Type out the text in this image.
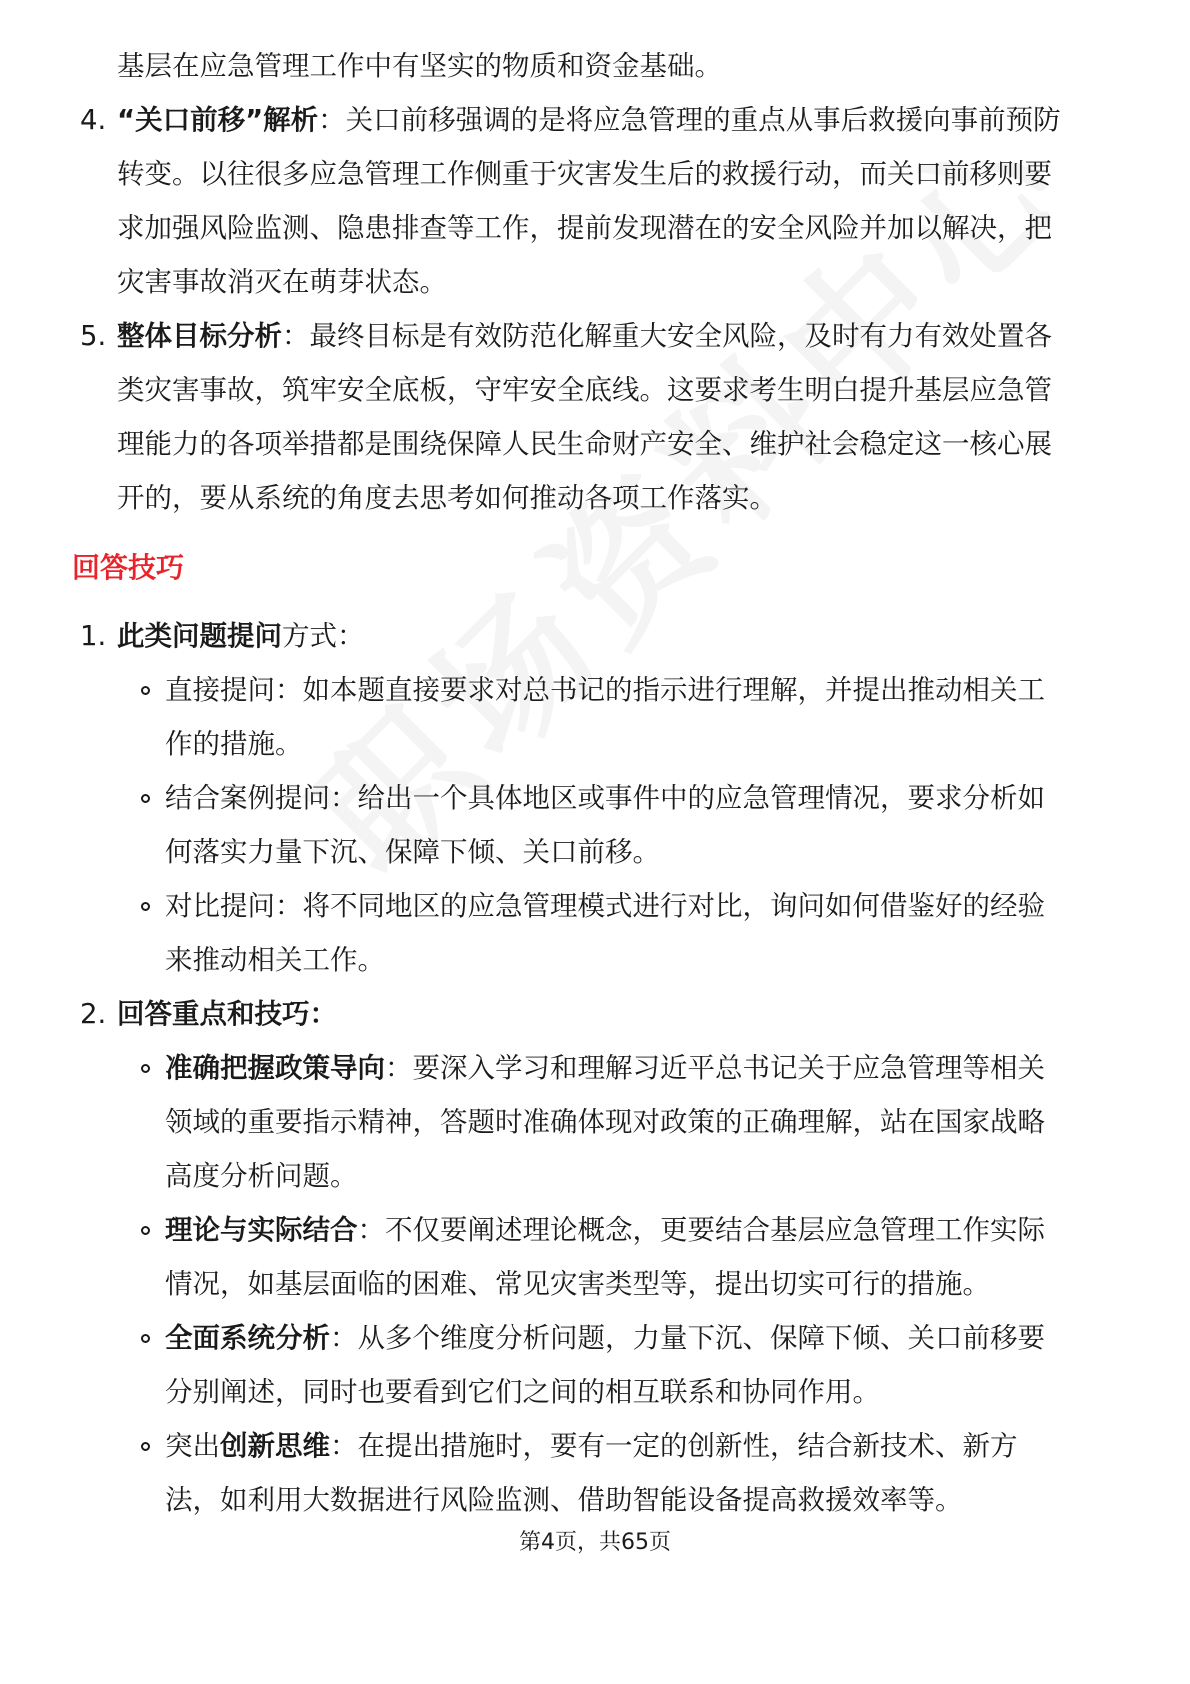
基层在应急管理工作中有坚实的物质和资金基础。
4. “关口前移”解析：关口前移强调的是将应急管理的重点从事后救援向事前预防
转变。以往很多应急管理工作侧重于灾害发生后的救援行动，而关口前移则要
求加强风险监测、隐患排查等工作，提前发现潜在的安全风险并加以解决，把
灾害事故消灭在萌芽状态。
5. 整体目标分析：最终目标是有效防范化解重大安全风险，及时有力有效处置各
类灾害事故，筑牢安全底板，守牢安全底线。这要求考生明白提升基层应急管
理能力的各项举措都是围绕保障人民生命财产安全、维护社会稳定这一核心展
开的，要从系统的角度去思考如何推动各项工作落实。
回答技巧
1. 此类问题提问方式：
直接提问：如本题直接要求对总书记的指示进行理解，并提出推动相关工
作的措施。
结合案例提问：给出一个具体地区或事件中的应急管理情况，要求分析如
何落实力量下沉、保障下倾、关口前移。
对比提问：将不同地区的应急管理模式进行对比，询问如何借鉴好的经验
来推动相关工作。
2. 回答重点和技巧：
准确把握政策导向：要深入学习和理解习近平总书记关于应急管理等相关
领域的重要指示精神，答题时准确体现对政策的正确理解，站在国家战略
高度分析问题。
理论与实际结合：不仅要阐述理论概念，更要结合基层应急管理工作实际
情况，如基层面临的困难、常见灾害类型等，提出切实可行的措施。
全面系统分析：从多个维度分析问题，力量下沉、保障下倾、关口前移要
分别阐述，同时也要看到它们之间的相互联系和协同作用。
突出创新思维：在提出措施时，要有一定的创新性，结合新技术、新方
法，如利用大数据进行风险监测、借助智能设备提高救援效率等。
第4页，共65页
